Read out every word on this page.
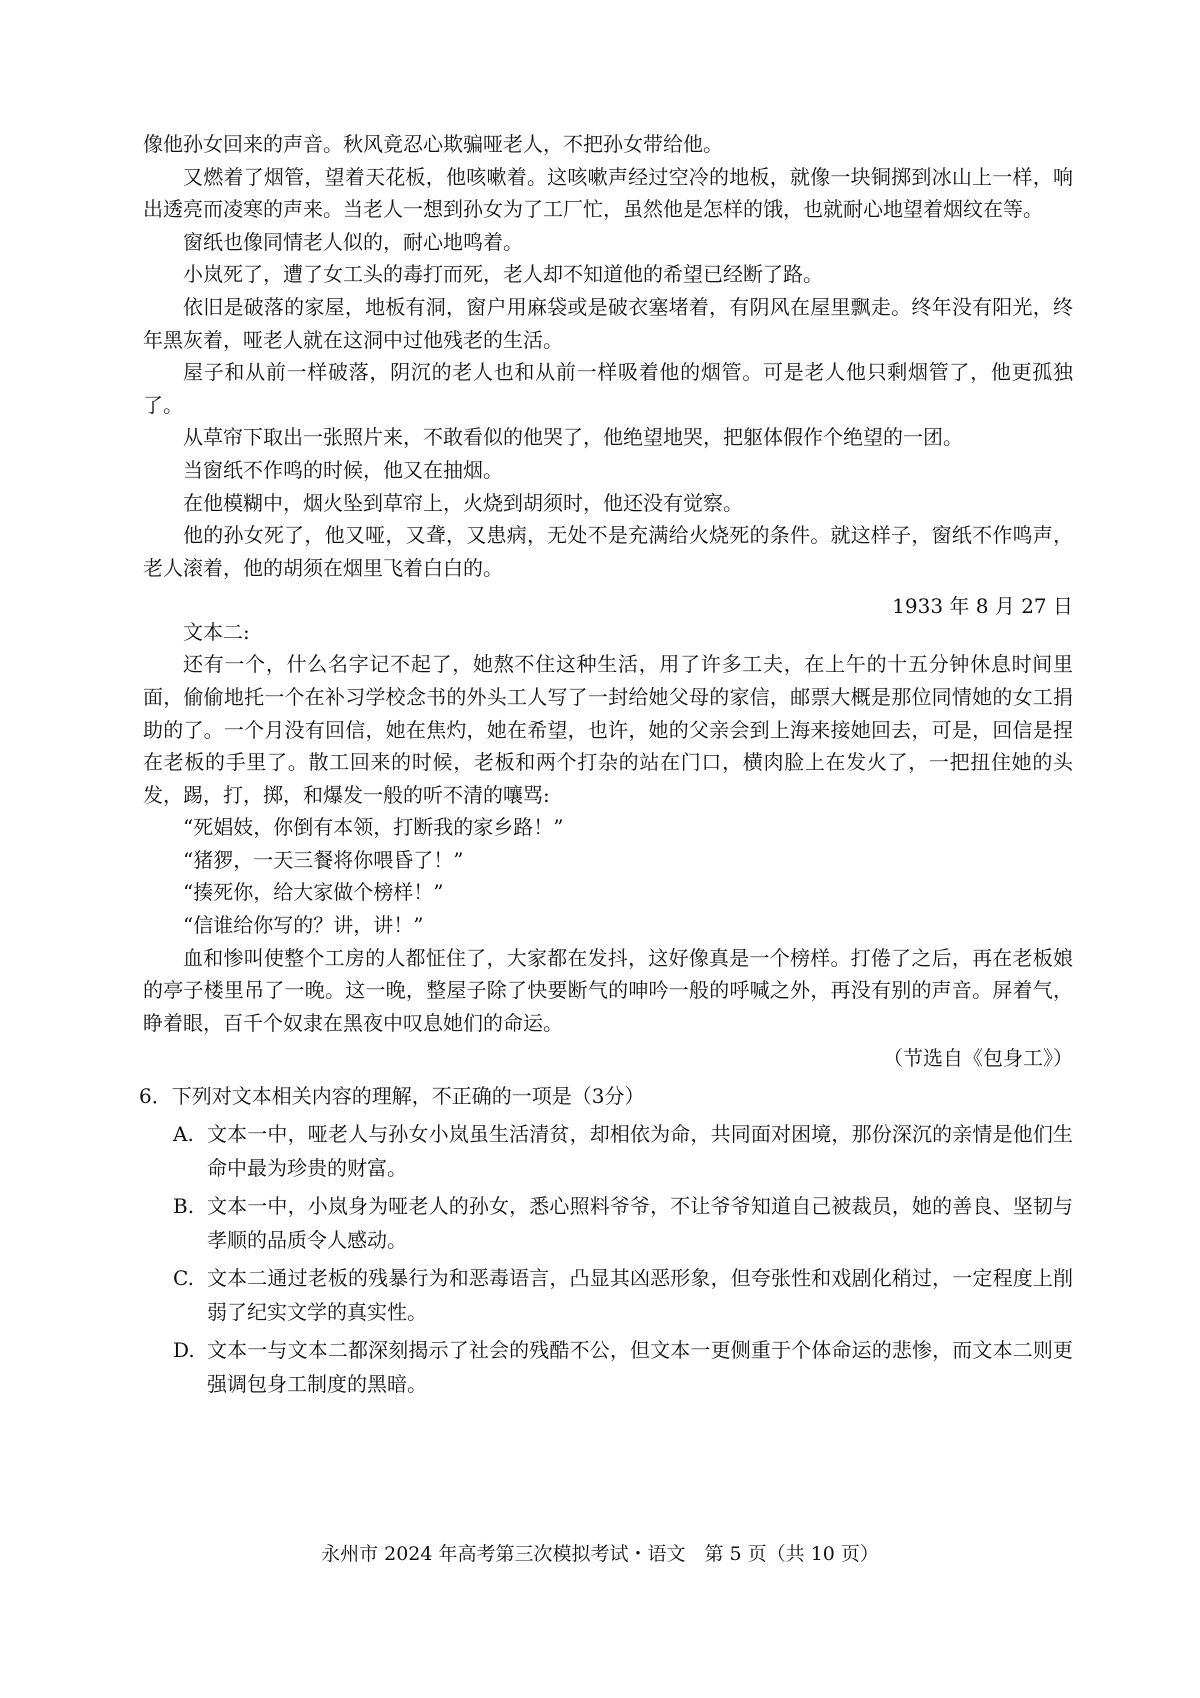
像他孙女回来的声音。秋风竟忍心欺骗哑老人，不把孙女带给他。

又燃着了烟管，望着天花板，他咳嗽着。这咳嗽声经过空冷的地板，就像一块铜掷到冰山上一样，响出透亮而凌寒的声来。当老人一想到孙女为了工厂忙，虽然他是怎样的饿，也就耐心地望着烟纹在等。

窗纸也像同情老人似的，耐心地鸣着。

小岚死了，遭了女工头的毒打而死，老人却不知道他的希望已经断了路。

依旧是破落的家屋，地板有洞，窗户用麻袋或是破衣塞堵着，有阴风在屋里飘走。终年没有阳光，终年黑灰着，哑老人就在这洞中过他残老的生活。

屋子和从前一样破落，阴沉的老人也和从前一样吸着他的烟管。可是老人他只剩烟管了，他更孤独了。

从草帘下取出一张照片来，不敢看似的他哭了，他绝望地哭，把躯体假作个绝望的一团。

当窗纸不作鸣的时候，他又在抽烟。

在他模糊中，烟火坠到草帘上，火烧到胡须时，他还没有觉察。

他的孙女死了，他又哑，又聋，又患病，无处不是充满给火烧死的条件。就这样子，窗纸不作鸣声，老人滚着，他的胡须在烟里飞着白白的。

1933 年 8 月 27 日

文本二:

还有一个，什么名字记不起了，她熬不住这种生活，用了许多工夫，在上午的十五分钟休息时间里面，偷偷地托一个在补习学校念书的外头工人写了一封给她父母的家信，邮票大概是那位同情她的女工捐助的了。一个月没有回信，她在焦灼，她在希望，也许，她的父亲会到上海来接她回去，可是，回信是捏在老板的手里了。散工回来的时候，老板和两个打杂的站在门口，横肉脸上在发火了，一把扭住她的头发，踢，打，掷，和爆发一般的听不清的嚷骂:

“死娼妓，你倒有本领，打断我的家乡路！”

“猪猡，一天三餐将你喂昏了！”

“揍死你，给大家做个榜样！”

“信谁给你写的？讲，讲！”

血和惨叫使整个工房的人都怔住了，大家都在发抖，这好像真是一个榜样。打倦了之后，再在老板娘的亭子楼里吊了一晚。这一晚，整屋子除了快要断气的呻吟一般的呼喊之外，再没有别的声音。屏着气，睁着眼，百千个奴隶在黑夜中叹息她们的命运。

（节选自《包身工》）

6．下列对文本相关内容的理解，不正确的一项是（3分）

A. 文本一中，哑老人与孙女小岚虽生活清贫，却相依为命，共同面对困境，那份深沉的亲情是他们生命中最为珍贵的财富。
B. 文本一中，小岚身为哑老人的孙女，悉心照料爷爷，不让爷爷知道自己被裁员，她的善良、坚韧与孝顺的品质令人感动。
C. 文本二通过老板的残暴行为和恶毒语言，凸显其凶恶形象，但夸张性和戏剧化稍过，一定程度上削弱了纪实文学的真实性。
D. 文本一与文本二都深刻揭示了社会的残酷不公，但文本一更侧重于个体命运的悲惨，而文本二则更强调包身工制度的黑暗。
永州市 2024 年高考第三次模拟考试・语文　第 5 页（共 10 页）
